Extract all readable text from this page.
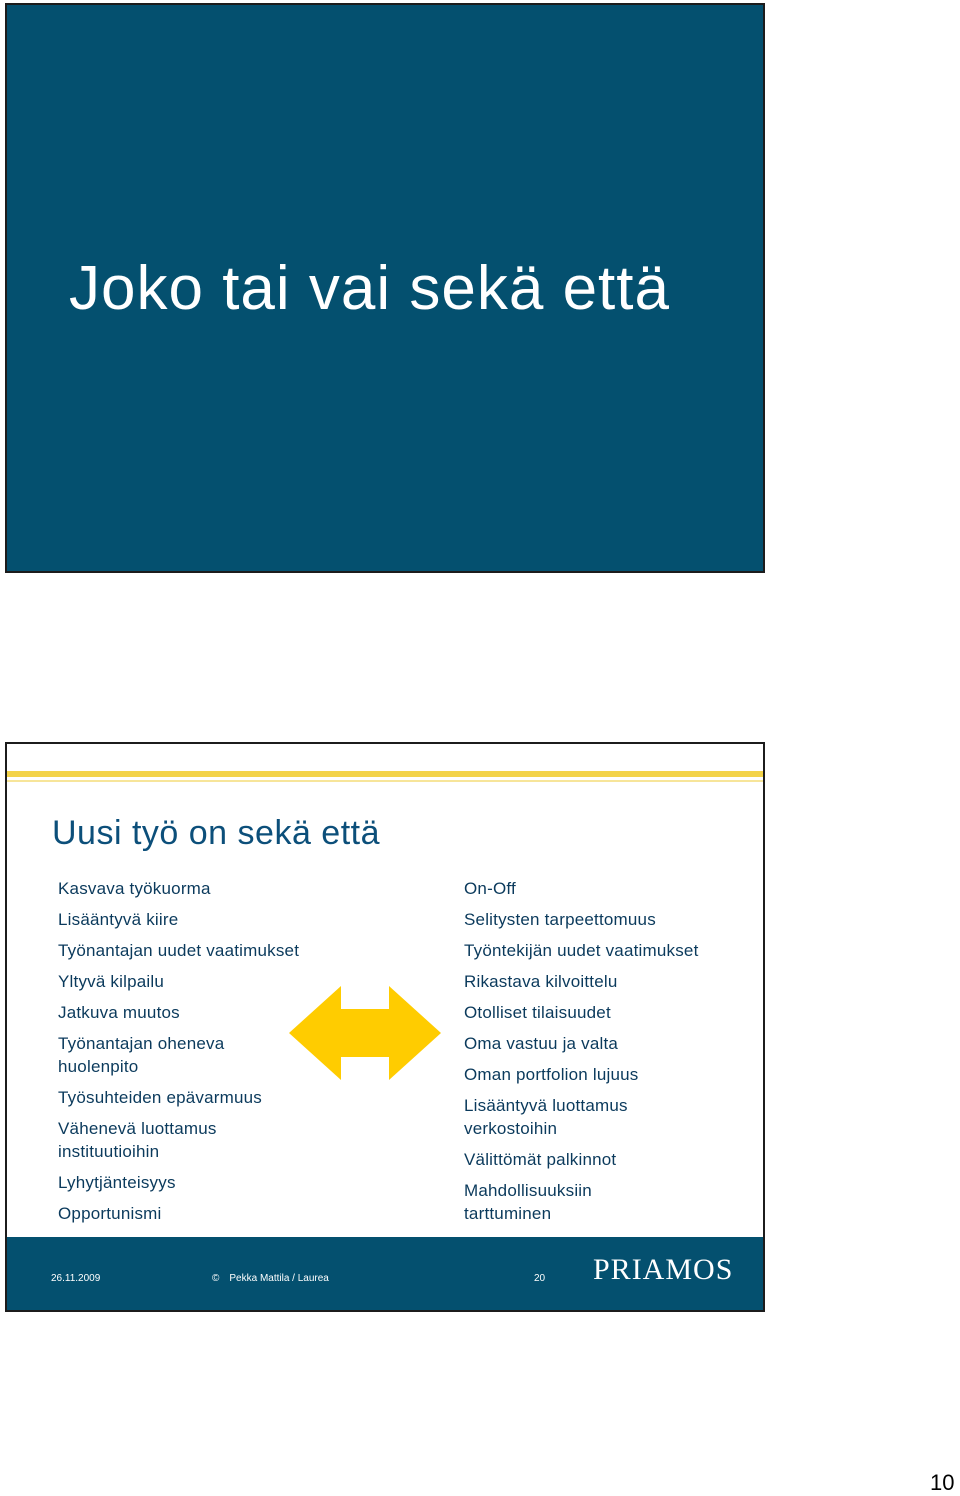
Joko tai vai sekä että
Uusi työ on sekä että
Kasvava työkuorma
Lisääntyvä kiire
Työnantajan uudet vaatimukset
Yltyvä kilpailu
Jatkuva muutos
Työnantajan oheneva huolenpito
Työsuhteiden epävarmuus
Vähenevä luottamus instituutioihin
Lyhytjänteisyys
Opportunismi
On-Off
Selitysten tarpeettomuus
Työntekijän uudet vaatimukset
Rikastava kilvoittelu
Otolliset tilaisuudet
Oma vastuu ja valta
Oman portfolion lujuus
Lisääntyvä luottamus verkostoihin
Välittömät palkinnot
Mahdollisuuksiin tarttuminen
26.11.2009	© Pekka Mattila / Laurea	20 PRIAMOS
10
